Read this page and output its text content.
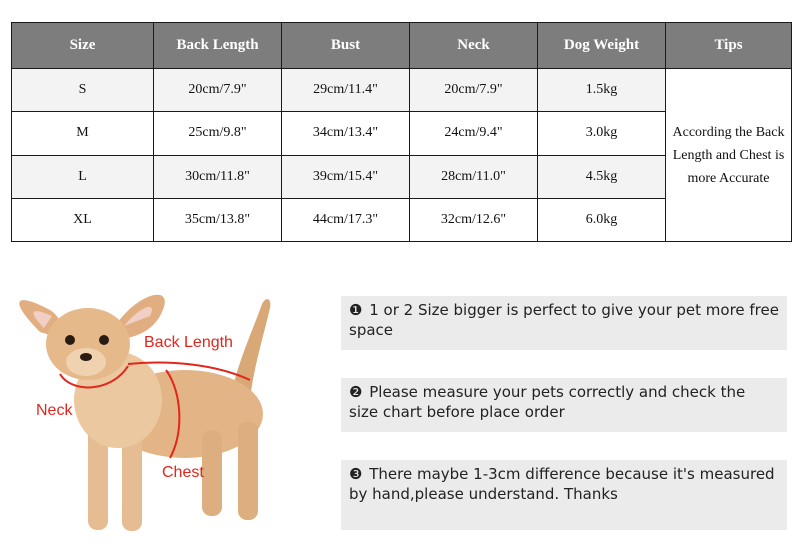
Size	Back Length	Bust	Neck	Dog Weight	Tips
S	20cm/7.9"	29cm/11.4"	20cm/7.9"	1.5kg	According the Back Length and Chest is more Accurate
M	25cm/9.8"	34cm/13.4"	24cm/9.4"	3.0kg	
L	30cm/11.8"	39cm/15.4"	28cm/11.0"	4.5kg	
XL	35cm/13.8"	44cm/17.3"	32cm/12.6"	6.0kg	
Back Length
Neck
Chest
❶ 1 or 2 Size bigger is perfect to give your pet more free space
❷ Please measure your pets correctly and check the size chart before place order
❸ There maybe 1-3cm difference because it's measured by hand,please understand. Thanks
